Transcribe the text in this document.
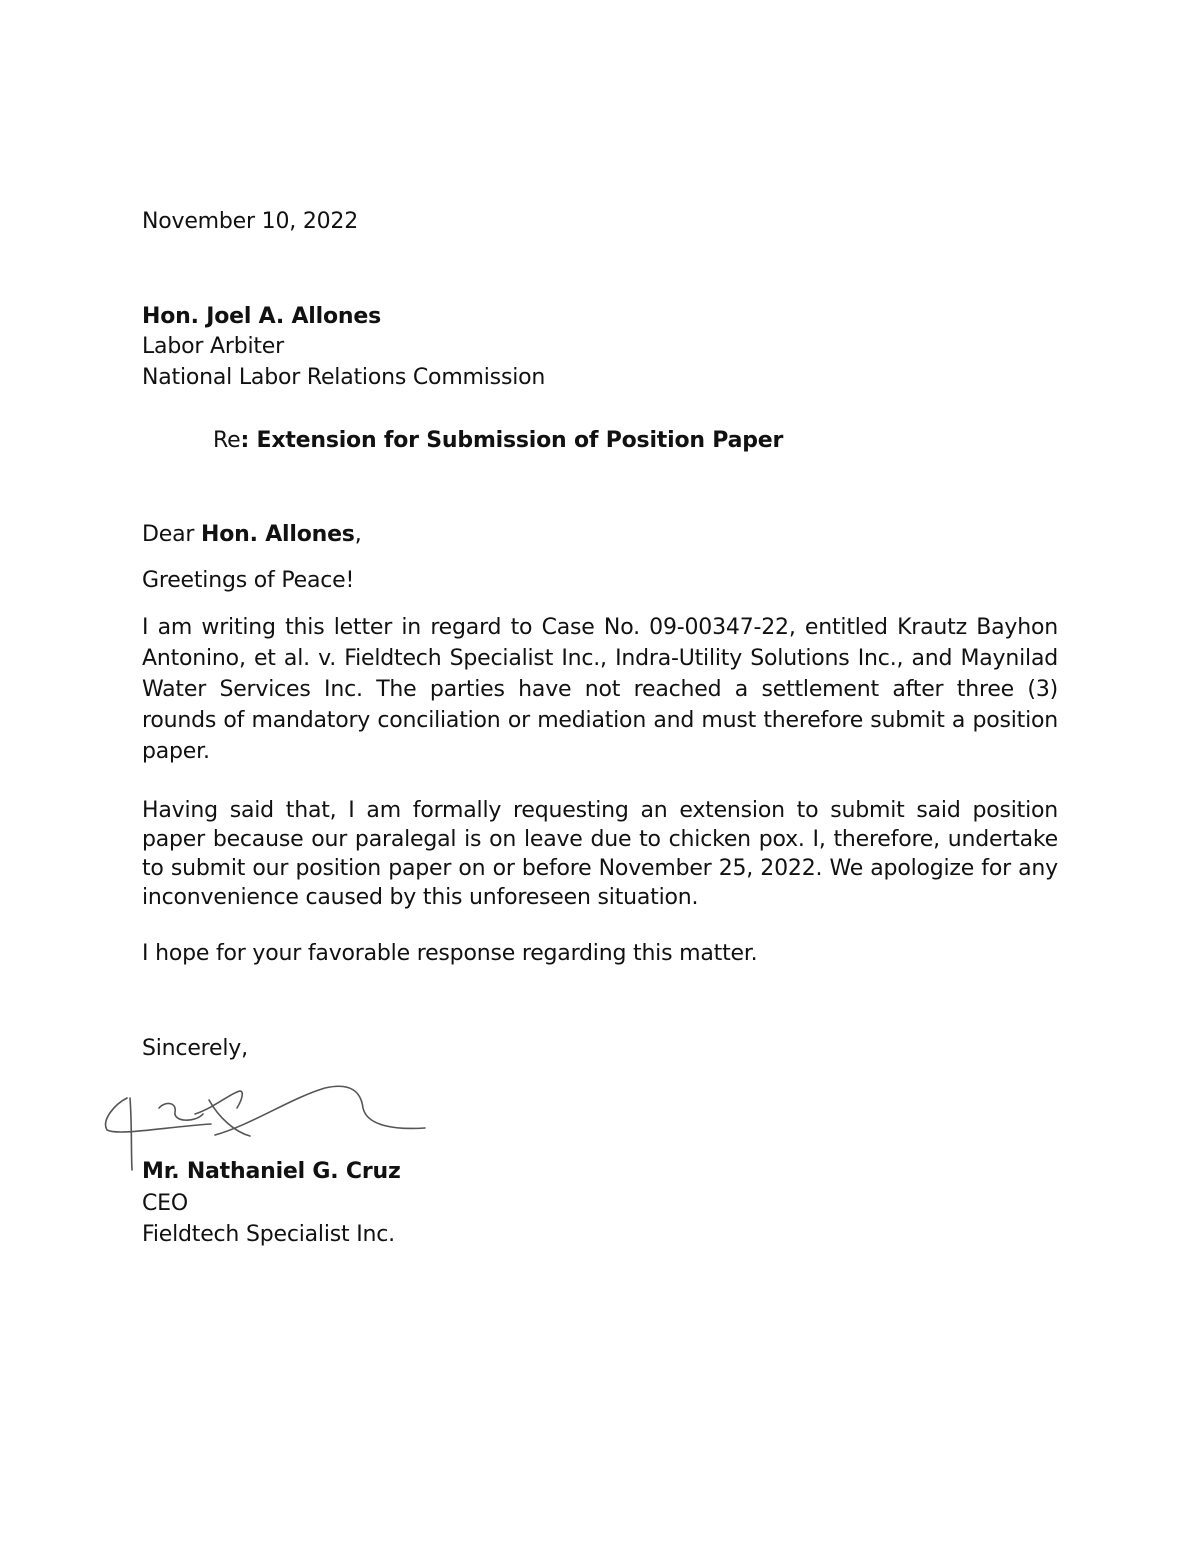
November 10, 2022
Hon. Joel A. Allones
Labor Arbiter
National Labor Relations Commission
Re: Extension for Submission of Position Paper
Dear Hon. Allones,
Greetings of Peace!
I am writing this letter in regard to Case No. 09-00347-22, entitled Krautz Bayhon Antonino, et al. v. Fieldtech Specialist Inc., Indra-Utility Solutions Inc., and Maynilad Water Services Inc. The parties have not reached a settlement after three (3) rounds of mandatory conciliation or mediation and must therefore submit a position paper.
Having said that, I am formally requesting an extension to submit said position paper because our paralegal is on leave due to chicken pox. I, therefore, undertake to submit our position paper on or before November 25, 2022. We apologize for any inconvenience caused by this unforeseen situation.
I hope for your favorable response regarding this matter.
Sincerely,
Mr. Nathaniel G. Cruz
CEO
Fieldtech Specialist Inc.
